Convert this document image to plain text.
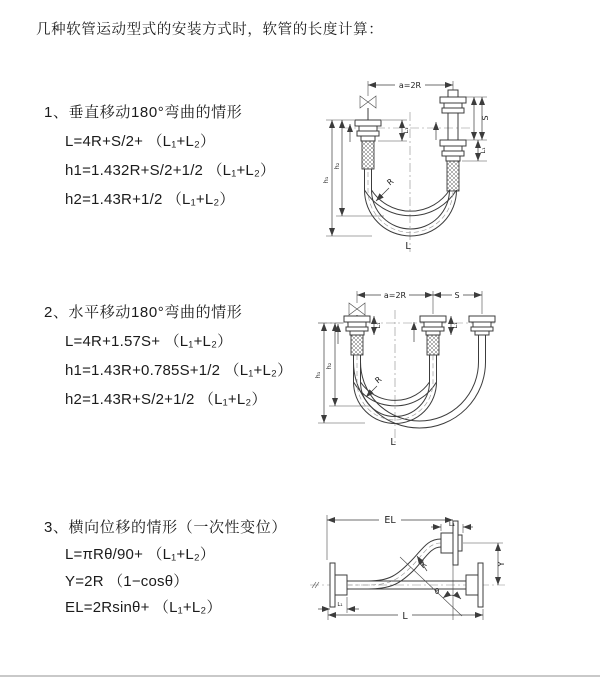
几种软管运动型式的安装方式时，软管的长度计算：
1、垂直移动180°弯曲的情形
L=4R+S/2+ （L₁+L₂）
h1=1.432R+S/2+1/2 （L₁+L₂）
h2=1.43R+1/2 （L₁+L₂）
2、水平移动180°弯曲的情形
L=4R+1.57S+ （L₁+L₂）
h1=1.43R+0.785S+1/2 （L₁+L₂）
h2=1.43R+S/2+1/2 （L₁+L₂）
3、横向位移的情形（一次性变位）
L=πRθ/90+ （L₁+L₂）
Y=2R （1−cosθ）
EL=2Rsinθ+ （L₁+L₂）
a=2R
L₁
S
L₁
h₁
h₂
R
L
a=2R	S
L₁	L₁
h₁
h₂
R
L
EL	L₁
Y
R
θ
L
L₁
